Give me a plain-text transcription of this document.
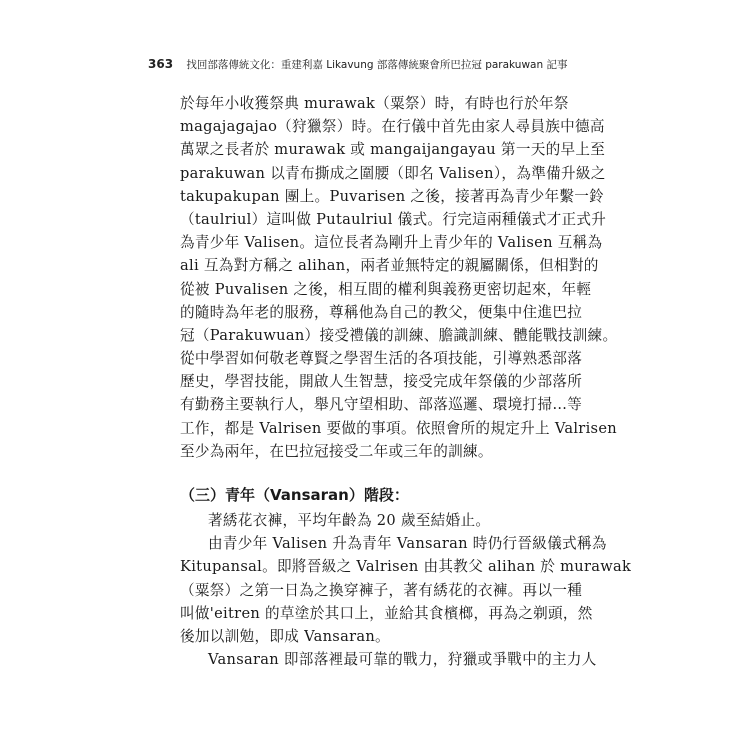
363 找回部落傳統文化：重建利嘉 Likavung 部落傳統聚會所巴拉冠 parakuwan 記事
於每年小收獲祭典 murawak（粟祭）時，有時也行於年祭
magajagajao（狩獵祭）時。在行儀中首先由家人尋員族中德高
萬眾之長者於 murawak 或 mangaijangayau 第一天的早上至
parakuwan 以青布撕成之圍腰（即名 Valisen），為準備升級之
takupakupan 團上。Puvarisen 之後，接著再為青少年繫一鈴
（taulriul）這叫做 Putaulriul 儀式。行完這兩種儀式才正式升
為青少年 Valisen。這位長者為剛升上青少年的 Valisen 互稱為
ali 互為對方稱之 alihan，兩者並無特定的親屬關係，但相對的
從被 Puvalisen 之後，相互間的權利與義務更密切起來，年輕
的隨時為年老的服務，尊稱他為自己的教父，便集中住進巴拉
冠（Parakuwuan）接受禮儀的訓練、膽識訓練、體能戰技訓練。
從中學習如何敬老尊賢之學習生活的各項技能，引導熟悉部落
歷史，學習技能，開啟人生智慧，接受完成年祭儀的少部落所
有勤務主要執行人，舉凡守望相助、部落巡邏、環境打掃…等
工作，都是 Valrisen 要做的事項。依照會所的規定升上 Valrisen
至少為兩年，在巴拉冠接受二年或三年的訓練。
（三）青年（Vansaran）階段：
著綉花衣褲，平均年齡為 20 歲至結婚止。
由青少年 Valisen 升為青年 Vansaran 時仍行晉級儀式稱為
Kitupansal。即將晉級之 Valrisen 由其教父 alihan 於 murawak
（粟祭）之第一日為之換穿褲子，著有綉花的衣褲。再以一種
叫做'eitren 的草塗於其口上，並給其食檳榔，再為之剃頭，然
後加以訓勉，即成 Vansaran。
Vansaran 即部落裡最可靠的戰力，狩獵或爭戰中的主力人
